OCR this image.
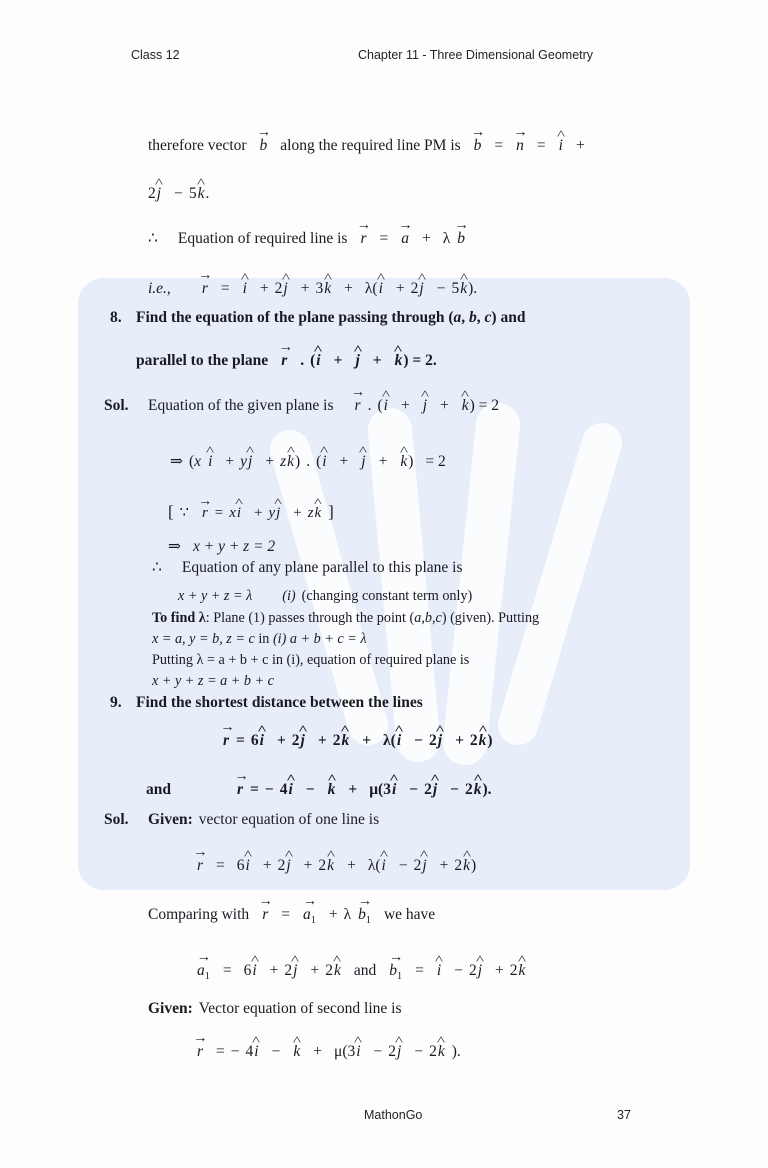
Class 12	Chapter 11 - Three Dimensional Geometry
MathonGo	37
therefore vector
→
b along the required line PM is
→
b =
→
n =
˄
i +
2
˄
j − 5
˄
k.
∴ Equation of required line is
→
r =
→
a + λ
→
b
i.e.,
→
r =
˄
i + 2
˄
j + 3
˄
k + λ(
˄
i + 2
˄
j − 5
˄
k).
8. Find the equation of the plane passing through (a, b, c) and
parallel to the plane
→
r . (
˄
i +
˄
j +
˄
k) = 2.
Sol. Equation of the given plane is
→
r . (
˄
i +
˄
j +
˄
k) = 2
⇒ (x
˄
i + y
˄
j + z
˄
k) . (
˄
i +
˄
j +
˄
k) = 2
[ ∵
→
r = x
˄
i + y
˄
j + z
˄
k ]
⇒ x + y + z = 2
∴ Equation of any plane parallel to this plane is
x + y + z = λ (i) (changing constant term only)
To find λ: Plane (1) passes through the point (a,b,c) (given). Putting
x = a, y = b, z = c in (i) a + b + c = λ
Putting λ = a + b + c in (i), equation of required plane is
x + y + z = a + b + c
9. Find the shortest distance between the lines
→
r = 6
˄
i + 2
˄
j + 2
˄
k + λ(
˄
i − 2
˄
j + 2
˄
k)
and
→
r = − 4
˄
i −
˄
k + μ(3
˄
i − 2
˄
j − 2
˄
k).
Sol. Given: vector equation of one line is
→
r = 6
˄
i + 2
˄
j + 2
˄
k + λ(
˄
i − 2
˄
j + 2
˄
k)
Comparing with
→
r =
→
$a_1 + \lambda$
→
$b_1$ we have
→
$a_1 = 6$
˄
i + 2
˄
j + 2
˄
k and
→
$b_1$ =
˄
i − 2
˄
j + 2
˄
k
Given: Vector equation of second line is
→
r = − 4
˄
i −
˄
k + μ(3
˄
i − 2
˄
j − 2
˄
k ).
